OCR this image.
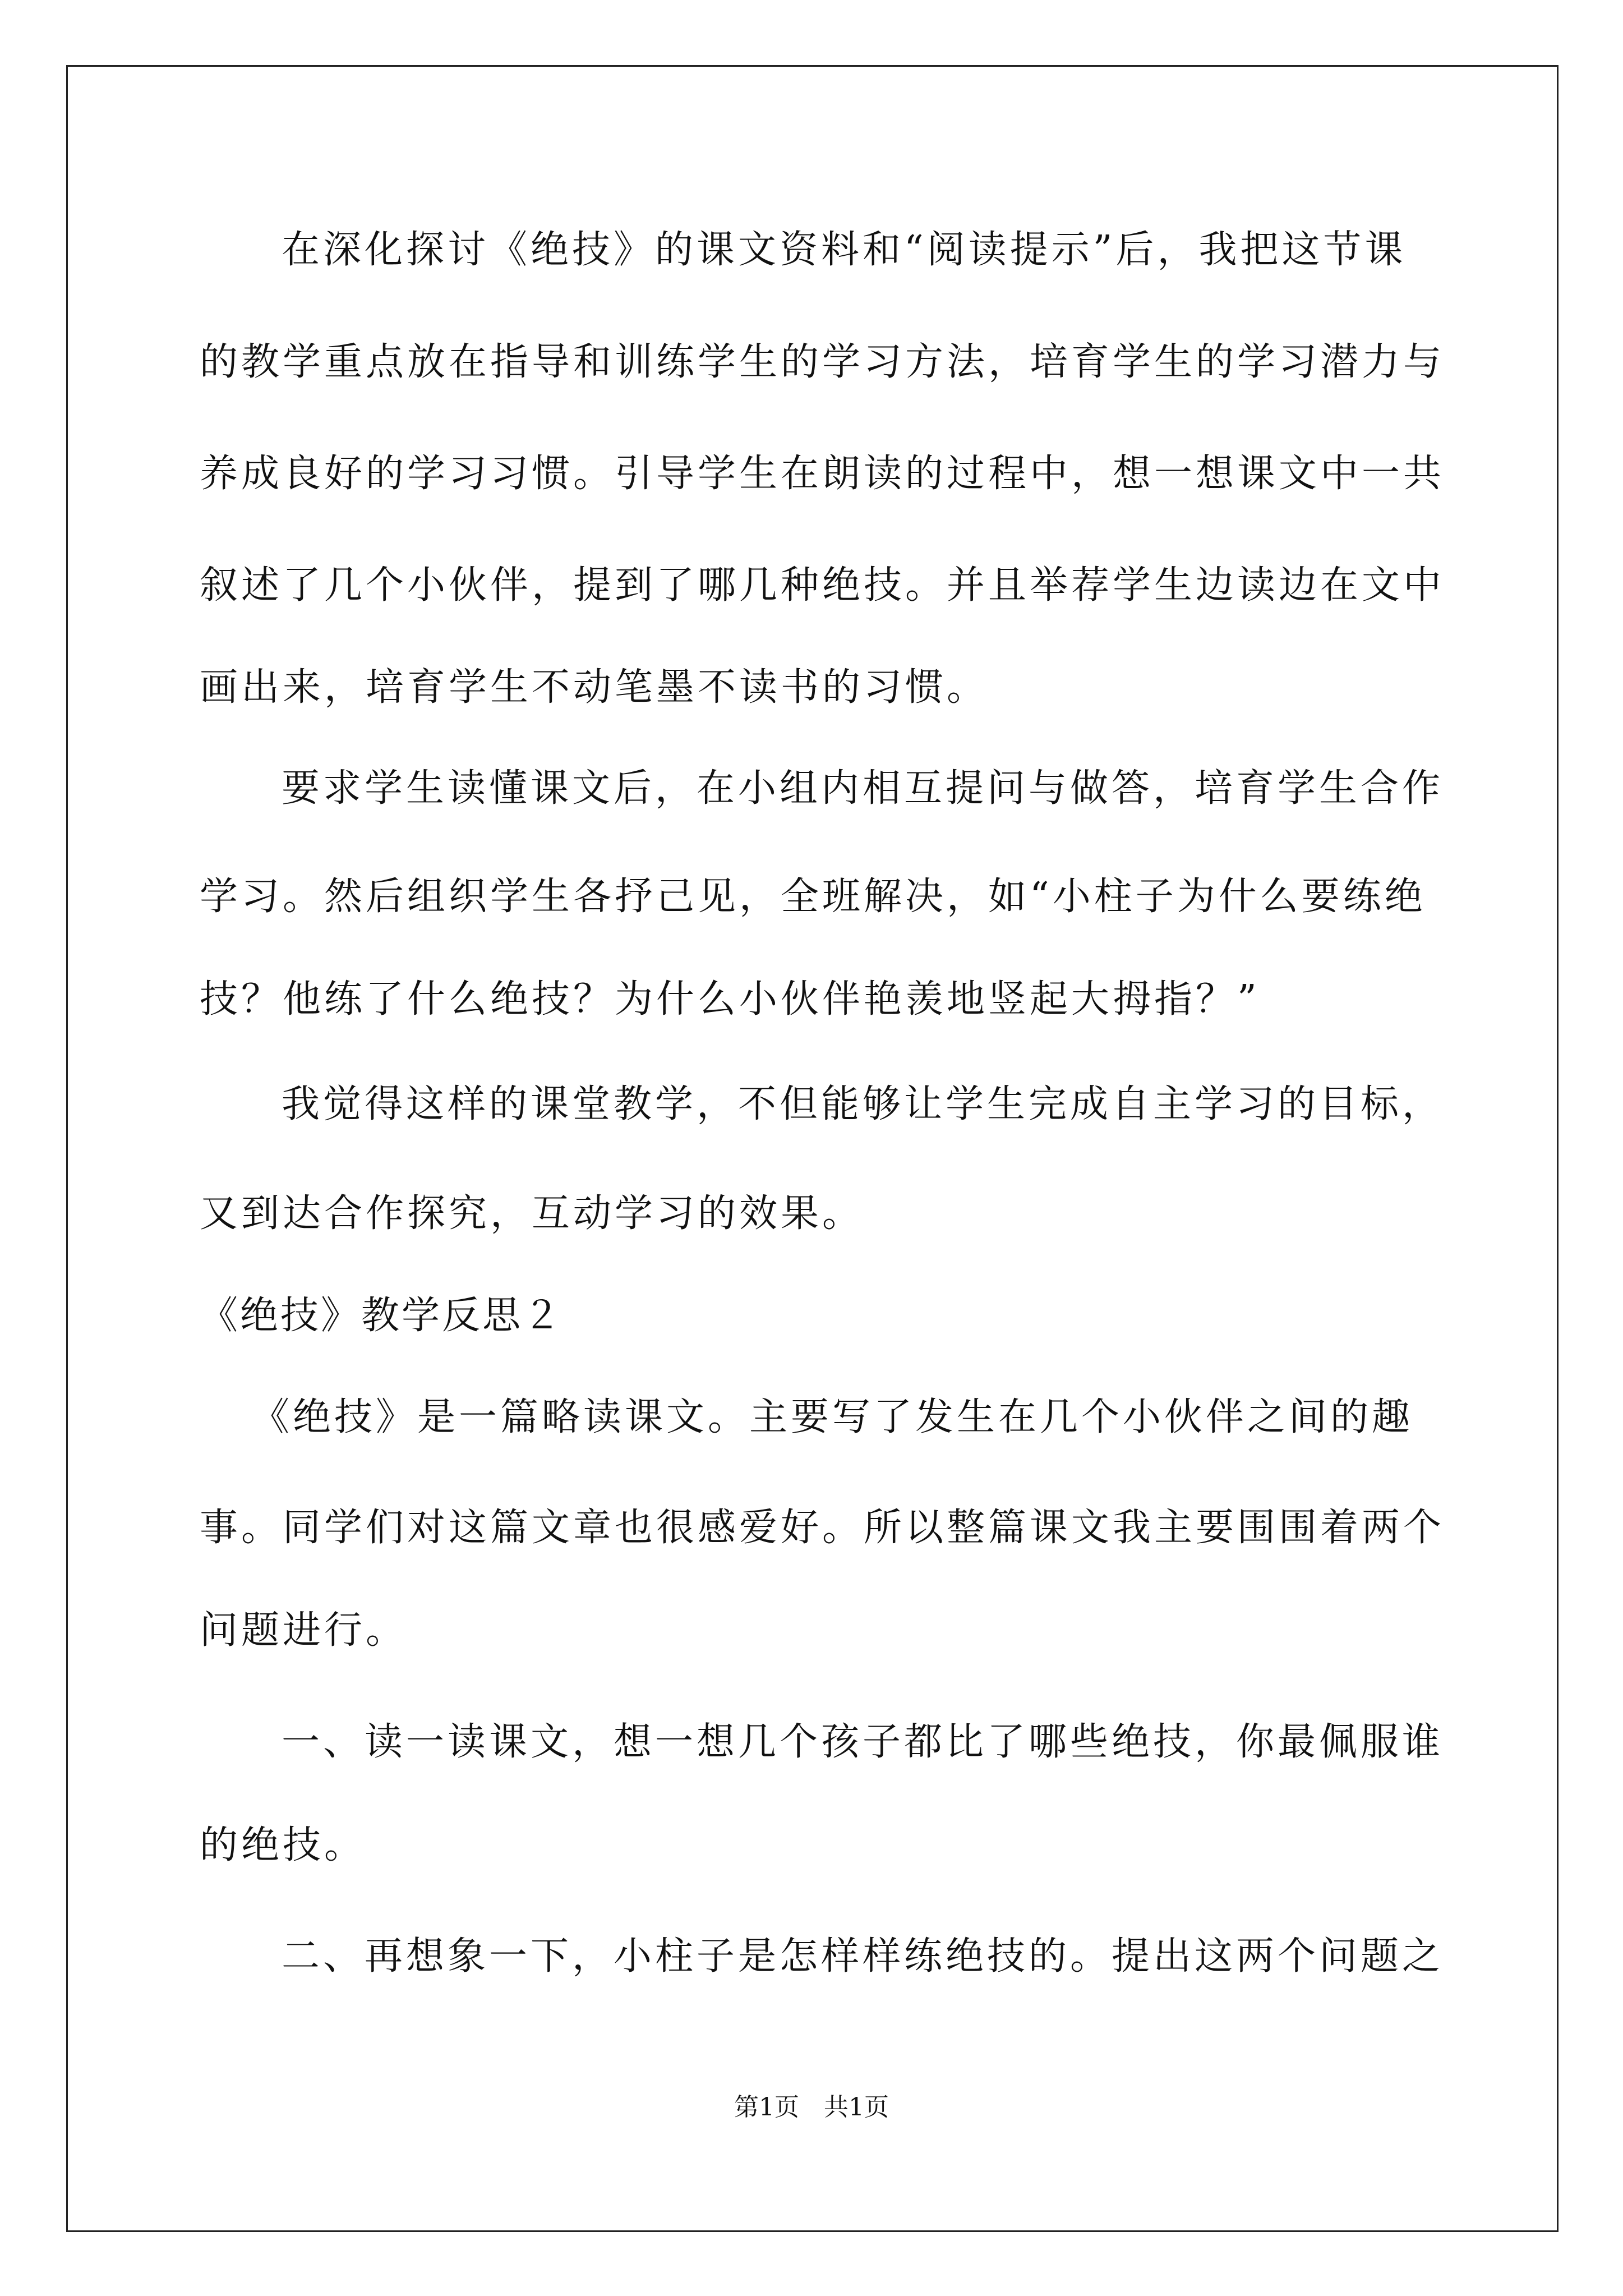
在深化探讨《绝技》的课文资料和“阅读提示”后，我把这节课
的教学重点放在指导和训练学生的学习方法，培育学生的学习潜力与
养成良好的学习习惯。引导学生在朗读的过程中，想一想课文中一共
叙述了几个小伙伴，提到了哪几种绝技。并且举荐学生边读边在文中
画出来，培育学生不动笔墨不读书的习惯。
要求学生读懂课文后，在小组内相互提问与做答，培育学生合作
学习。然后组织学生各抒己见，全班解决，如“小柱子为什么要练绝
技？他练了什么绝技？为什么小伙伴艳羡地竖起大拇指？”
我觉得这样的课堂教学，不但能够让学生完成自主学习的目标，
又到达合作探究，互动学习的效果。
《绝技》教学反思２
《绝技》是一篇略读课文。主要写了发生在几个小伙伴之间的趣
事。同学们对这篇文章也很感爱好。所以整篇课文我主要围围着两个
问题进行。
一、读一读课文，想一想几个孩子都比了哪些绝技，你最佩服谁
的绝技。
二、再想象一下，小柱子是怎样样练绝技的。提出这两个问题之
第1页　共1页
